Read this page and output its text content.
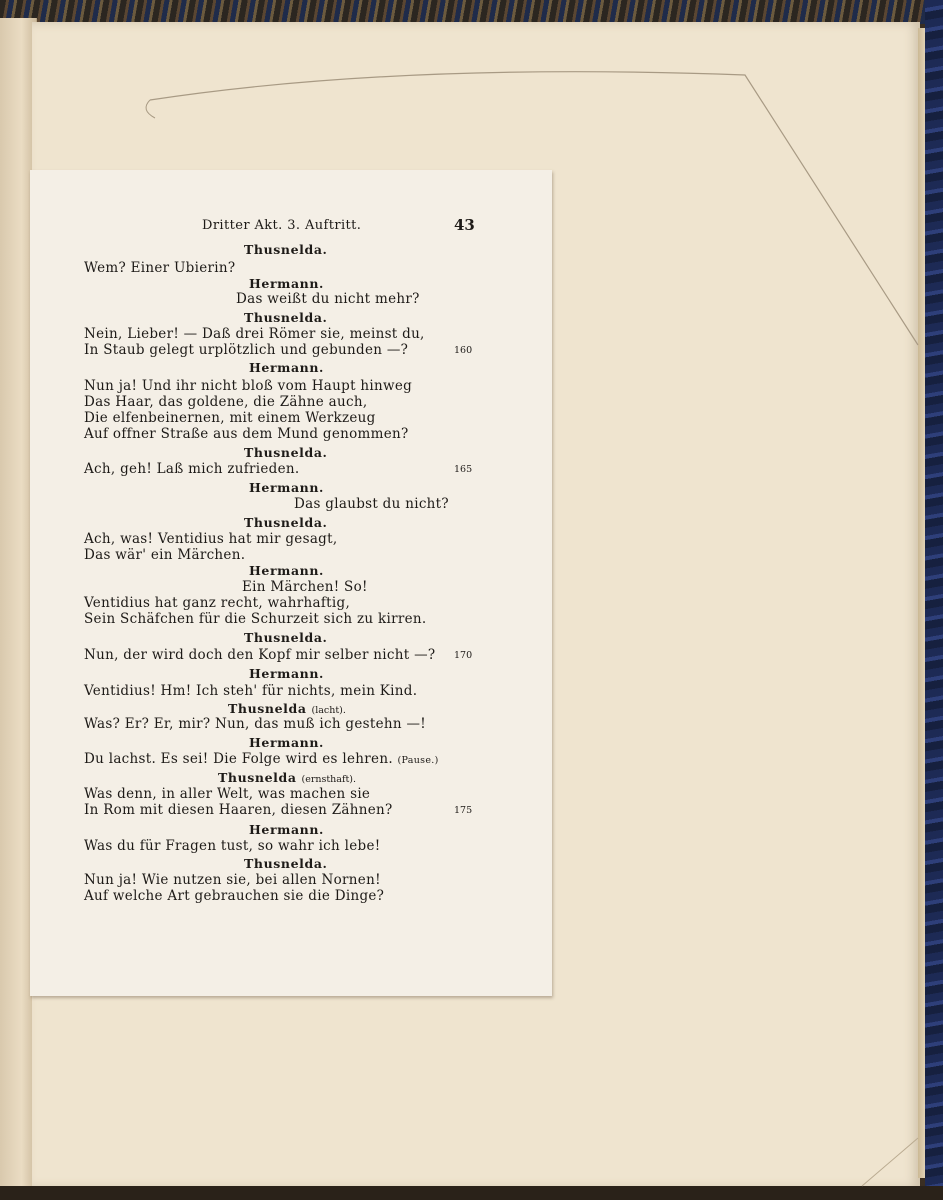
Dritter Akt. 3. Auftritt.	43
Thusnelda.
Wem? Einer Ubierin?
Hermann.
Das weißt du nicht mehr?
Thusnelda.
Nein, Lieber! — Daß drei Römer sie, meinst du,
In Staub gelegt urplötzlich und gebunden —?	160
Hermann.
Nun ja! Und ihr nicht bloß vom Haupt hinweg
Das Haar, das goldene, die Zähne auch,
Die elfenbeinernen, mit einem Werkzeug
Auf offner Straße aus dem Mund genommen?
Thusnelda.
Ach, geh! Laß mich zufrieden.	165
Hermann.
Das glaubst du nicht?
Thusnelda.
Ach, was! Ventidius hat mir gesagt,
Das wär' ein Märchen.
Hermann.
Ein Märchen! So!
Ventidius hat ganz recht, wahrhaftig,
Sein Schäfchen für die Schurzeit sich zu kirren.
Thusnelda.
Nun, der wird doch den Kopf mir selber nicht —? 170
Hermann.
Ventidius! Hm! Ich steh' für nichts, mein Kind.
Thusnelda (lacht).
Was? Er? Er, mir? Nun, das muß ich gestehn —!
Hermann.
Du lachst. Es sei! Die Folge wird es lehren. (Pause.)
Thusnelda (ernsthaft).
Was denn, in aller Welt, was machen sie
In Rom mit diesen Haaren, diesen Zähnen?	175
Hermann.
Was du für Fragen tust, so wahr ich lebe!
Thusnelda.
Nun ja! Wie nutzen sie, bei allen Nornen!
Auf welche Art gebrauchen sie die Dinge?
